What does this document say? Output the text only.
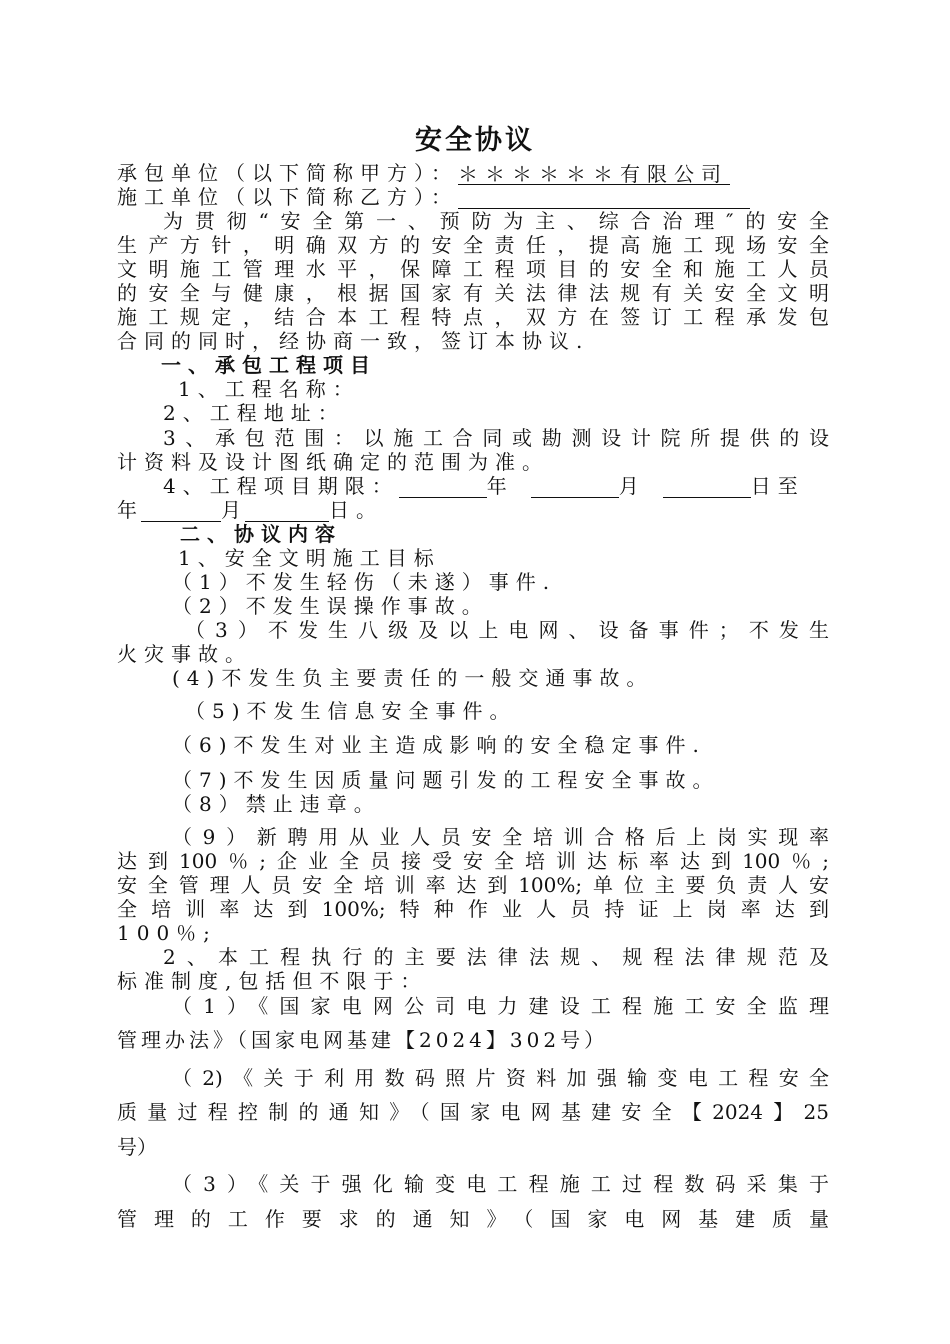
安全协议
承包单位（以下简称甲方）：＊＊＊＊＊＊有限公司
施工单位（以下简称乙方）：
为贯彻“安全第一、预防为主、综合治理″的安全
生产方针，明确双方的安全责任，提高施工现场安全
文明施工管理水平，保障工程项目的安全和施工人员
的安全与健康，根据国家有关法律法规有关安全文明
施工规定，结合本工程特点，双方在签订工程承发包
合同的同时，经协商一致，签订本协议.
一、承包工程项目
1、工程名称：
2、工程地址：
3、承包范围：以施工合同或勘测设计院所提供的设
计资料及设计图纸确定的范围为准。
4、工程项目期限：	年	月	日至
年	月	日。
二、协议内容
1、安全文明施工目标
（1）不发生轻伤（未遂）事件.
（2）不发生误操作事故。
（3）不发生八级及以上电网、设备事件；不发生
火灾事故。
(4)不发生负主要责任的一般交通事故。
（5)不发生信息安全事件。
（6)不发生对业主造成影响的安全稳定事件.
（7)不发生因质量问题引发的工程安全事故。
（8）禁止违章。
（9）新聘用从业人员安全培训合格后上岗实现率
达到100％;企业全员接受安全培训达标率达到100％;
安全管理人员安全培训率达到100%;单位主要负责人安
全培训率达到100%;特种作业人员持证上岗率达到
100％;
2、本工程执行的主要法律法规、规程法律规范及
标准制度,包括但不限于：
（1）《国家电网公司电力建设工程施工安全监理
管理办法》（国家电网基建【2024】302号）
（2)《关于利用数码照片资料加强输变电工程安全
质量过程控制的通知》（国家电网基建安全【2024】25
号）
（3）《关于强化输变电工程施工过程数码采集于
管理的工作要求的通知》（国家电网基建质量
